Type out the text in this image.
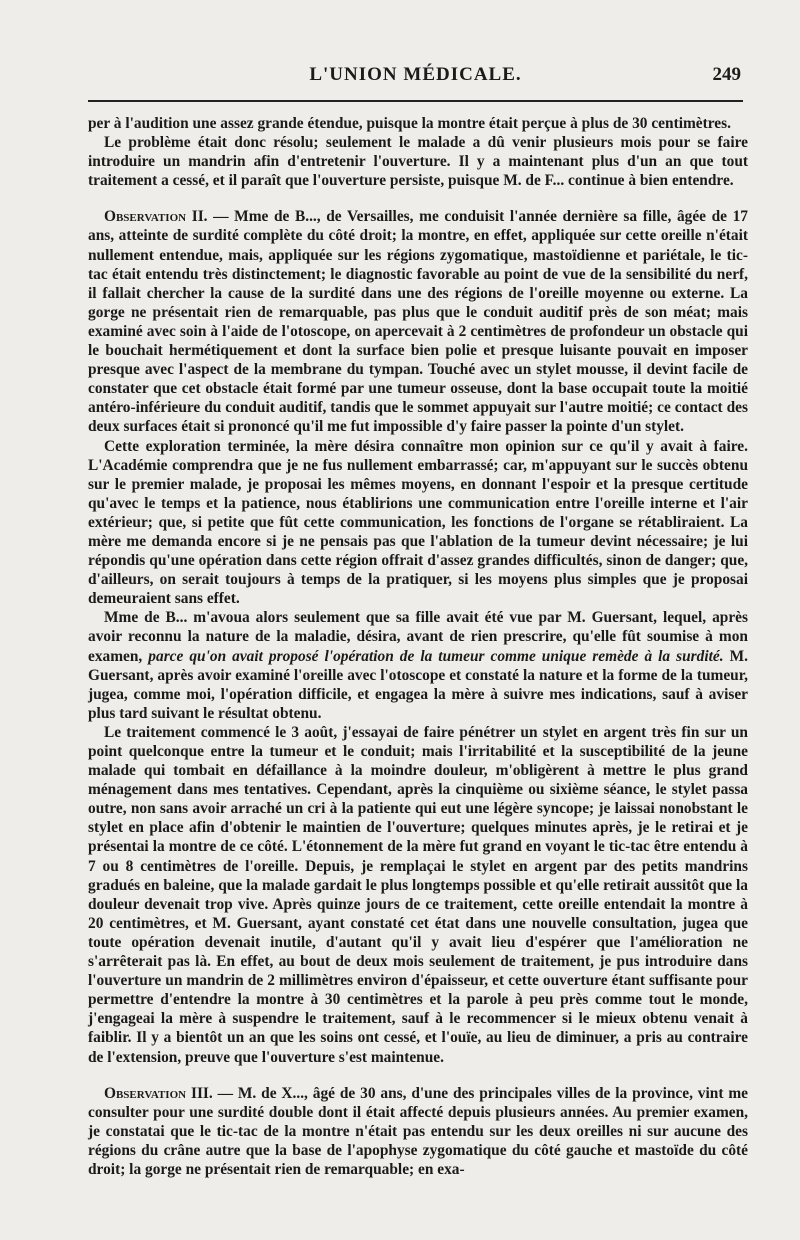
L'UNION MÉDICALE.	249

per à l'audition une assez grande étendue, puisque la montre était perçue à plus de 30 centimètres.

Le problème était donc résolu; seulement le malade a dû venir plusieurs mois pour se faire introduire un mandrin afin d'entretenir l'ouverture. Il y a maintenant plus d'un an que tout traitement a cessé, et il paraît que l'ouverture persiste, puisque M. de F... continue à bien entendre.

Observation II. — Mme de B..., de Versailles, me conduisit l'année dernière sa fille, âgée de 17 ans, atteinte de surdité complète du côté droit; la montre, en effet, appliquée sur cette oreille n'était nullement entendue, mais, appliquée sur les régions zygomatique, mastoïdienne et pariétale, le tic-tac était entendu très distinctement; le diagnostic favorable au point de vue de la sensibilité du nerf, il fallait chercher la cause de la surdité dans une des régions de l'oreille moyenne ou externe. La gorge ne présentait rien de remarquable, pas plus que le conduit auditif près de son méat; mais examiné avec soin à l'aide de l'otoscope, on apercevait à 2 centimètres de profondeur un obstacle qui le bouchait hermétiquement et dont la surface bien polie et presque luisante pouvait en imposer presque avec l'aspect de la membrane du tympan. Touché avec un stylet mousse, il devint facile de constater que cet obstacle était formé par une tumeur osseuse, dont la base occupait toute la moitié antéro-inférieure du conduit auditif, tandis que le sommet appuyait sur l'autre moitié; ce contact des deux surfaces était si prononcé qu'il me fut impossible d'y faire passer la pointe d'un stylet.

Cette exploration terminée, la mère désira connaître mon opinion sur ce qu'il y avait à faire. L'Académie comprendra que je ne fus nullement embarrassé; car, m'appuyant sur le succès obtenu sur le premier malade, je proposai les mêmes moyens, en donnant l'espoir et la presque certitude qu'avec le temps et la patience, nous établirions une communication entre l'oreille interne et l'air extérieur; que, si petite que fût cette communication, les fonctions de l'organe se rétabliraient. La mère me demanda encore si je ne pensais pas que l'ablation de la tumeur devint nécessaire; je lui répondis qu'une opération dans cette région offrait d'assez grandes difficultés, sinon de danger; que, d'ailleurs, on serait toujours à temps de la pratiquer, si les moyens plus simples que je proposai demeuraient sans effet.

Mme de B... m'avoua alors seulement que sa fille avait été vue par M. Guersant, lequel, après avoir reconnu la nature de la maladie, désira, avant de rien prescrire, qu'elle fût soumise à mon examen, parce qu'on avait proposé l'opération de la tumeur comme unique remède à la surdité. M. Guersant, après avoir examiné l'oreille avec l'otoscope et constaté la nature et la forme de la tumeur, jugea, comme moi, l'opération difficile, et engagea la mère à suivre mes indications, sauf à aviser plus tard suivant le résultat obtenu.

Le traitement commencé le 3 août, j'essayai de faire pénétrer un stylet en argent très fin sur un point quelconque entre la tumeur et le conduit; mais l'irritabilité et la susceptibilité de la jeune malade qui tombait en défaillance à la moindre douleur, m'obligèrent à mettre le plus grand ménagement dans mes tentatives. Cependant, après la cinquième ou sixième séance, le stylet passa outre, non sans avoir arraché un cri à la patiente qui eut une légère syncope; je laissai nonobstant le stylet en place afin d'obtenir le maintien de l'ouverture; quelques minutes après, je le retirai et je présentai la montre de ce côté. L'étonnement de la mère fut grand en voyant le tic-tac être entendu à 7 ou 8 centimètres de l'oreille. Depuis, je remplaçai le stylet en argent par des petits mandrins gradués en baleine, que la malade gardait le plus longtemps possible et qu'elle retirait aussitôt que la douleur devenait trop vive. Après quinze jours de ce traitement, cette oreille entendait la montre à 20 centimètres, et M. Guersant, ayant constaté cet état dans une nouvelle consultation, jugea que toute opération devenait inutile, d'autant qu'il y avait lieu d'espérer que l'amélioration ne s'arrêterait pas là. En effet, au bout de deux mois seulement de traitement, je pus introduire dans l'ouverture un mandrin de 2 millimètres environ d'épaisseur, et cette ouverture étant suffisante pour permettre d'entendre la montre à 30 centimètres et la parole à peu près comme tout le monde, j'engageai la mère à suspendre le traitement, sauf à le recommencer si le mieux obtenu venait à faiblir. Il y a bientôt un an que les soins ont cessé, et l'ouïe, au lieu de diminuer, a pris au contraire de l'extension, preuve que l'ouverture s'est maintenue.

Observation III. — M. de X..., âgé de 30 ans, d'une des principales villes de la province, vint me consulter pour une surdité double dont il était affecté depuis plusieurs années. Au premier examen, je constatai que le tic-tac de la montre n'était pas entendu sur les deux oreilles ni sur aucune des régions du crâne autre que la base de l'apophyse zygomatique du côté gauche et mastoïde du côté droit; la gorge ne présentait rien de remarquable; en exa-
